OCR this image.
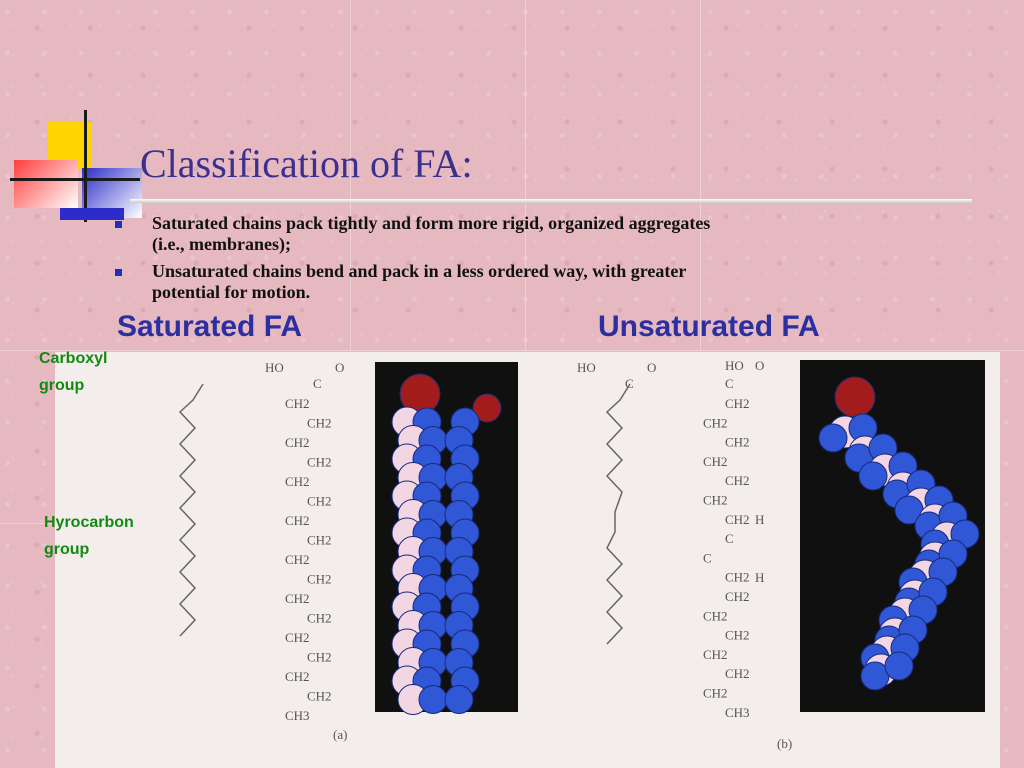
Classification of FA:
Saturated chains pack tightly and form more rigid, organized aggregates (i.e., membranes);
Unsaturated chains bend and pack in a less ordered way, with greater potential for motion.
Saturated FA	Unsaturated FA
HO	O
C
CH2
CH2
CH2
CH2
CH2
CH2
CH2
CH2
CH2
CH2
CH2
CH2
CH2
CH2
CH2
CH2
CH3
(a)
HO	O	HO O
C	C
CH2
CH2
CH2
CH2
CH2
CH2
CH2 H
C
C
CH2 H
CH2
CH2
CH2
CH2
CH2
CH2
CH3
(b)
Carboxyl group
Hyrocarbon group
